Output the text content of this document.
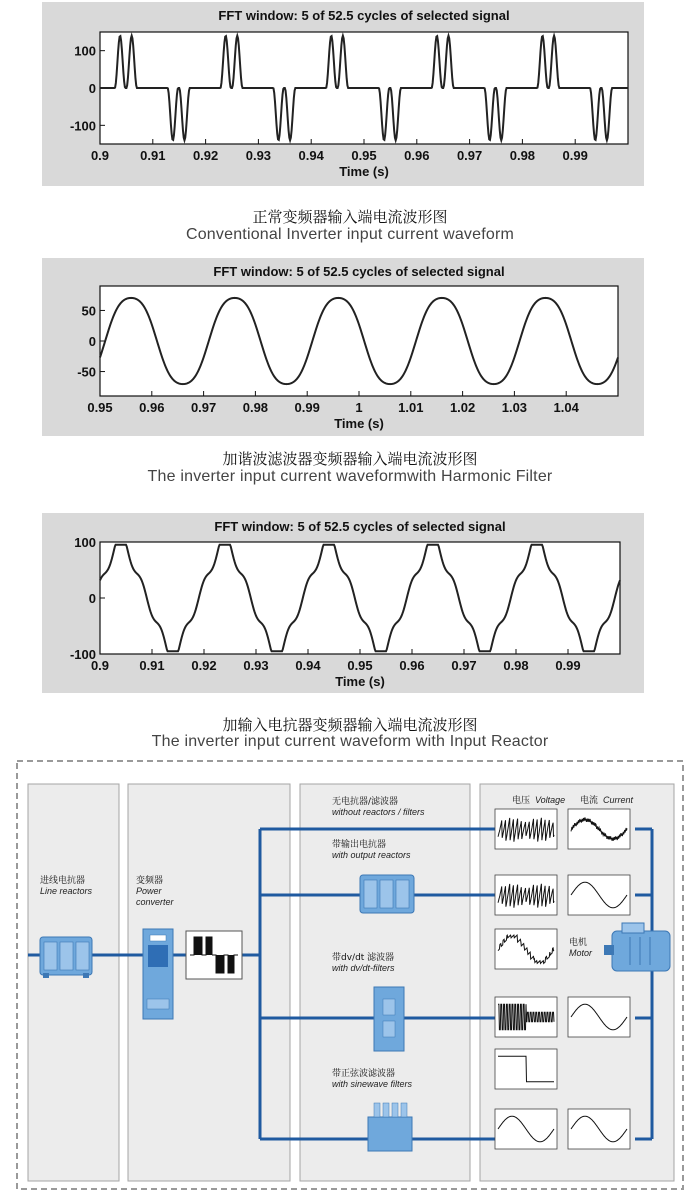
FFT window: 5 of 52.5 cycles of selected signal
100
0
-100
0.9 0.91 0.92 0.93 0.94 0.95 0.96 0.97 0.98 0.99
Time (s)
正常变频器输入端电流波形图
Conventional Inverter input current waveform
FFT window: 5 of 52.5 cycles of selected signal
50
0
-50
0.95 0.96 0.97 0.98 0.99	1	1.01 1.02 1.03 1.04
Time (s)
加谐波滤波器变频器输入端电流波形图
The inverter input current waveformwith Harmonic Filter
FFT window: 5 of 52.5 cycles of selected signal
100
0
-100
0.9 0.91 0.92 0.93 0.94 0.95 0.96 0.97 0.98 0.99
Time (s)
加输入电抗器变频器输入端电流波形图
The inverter input current waveform with Input Reactor
进线电抗器
Line reactors
变频器
Power
converter
无电抗器/滤波器
without reactors / filters
带输出电抗器
with output reactors
带dv/dt 滤波器
with dv/dt-filters
带正弦波滤波器
with sinewave filters
电压 Voltage 电流 Current
电机
Motor
